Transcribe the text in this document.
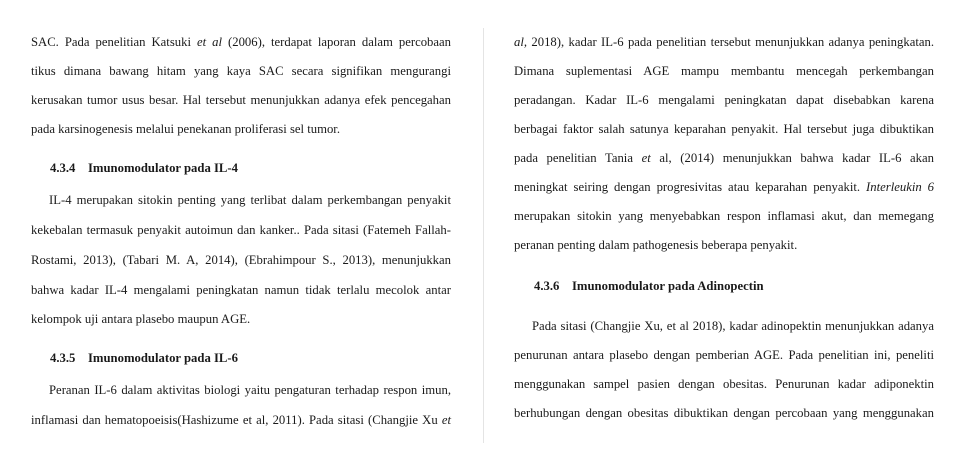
SAC. Pada penelitian Katsuki et al (2006), terdapat laporan dalam percobaan
tikus dimana bawang hitam yang kaya SAC secara signifikan mengurangi
kerusakan tumor usus besar. Hal tersebut menunjukkan adanya efek pencegahan
pada karsinogenesis melalui penekanan proliferasi sel tumor.
4.3.4 Imunomodulator pada IL-4
IL-4 merupakan sitokin penting yang terlibat dalam perkembangan penyakit
kekebalan termasuk penyakit autoimun dan kanker.. Pada sitasi (Fatemeh Fallah-
Rostami, 2013), (Tabari M. A, 2014), (Ebrahimpour S., 2013), menunjukkan
bahwa kadar IL-4 mengalami peningkatan namun tidak terlalu mecolok antar
kelompok uji antara plasebo maupun AGE.
4.3.5 Imunomodulator pada IL-6
Peranan IL-6 dalam aktivitas biologi yaitu pengaturan terhadap respon imun,
inflamasi dan hematopoeisis(Hashizume et al, 2011). Pada sitasi (Changjie Xu et
al, 2018), kadar IL-6 pada penelitian tersebut menunjukkan adanya peningkatan.
Dimana suplementasi AGE mampu membantu mencegah perkembangan
peradangan. Kadar IL-6 mengalami peningkatan dapat disebabkan karena
berbagai faktor salah satunya keparahan penyakit. Hal tersebut juga dibuktikan
pada penelitian Tania et al, (2014) menunjukkan bahwa kadar IL-6 akan
meningkat seiring dengan progresivitas atau keparahan penyakit. Interleukin 6
merupakan sitokin yang menyebabkan respon inflamasi akut, dan memegang
peranan penting dalam pathogenesis beberapa penyakit.
4.3.6 Imunomodulator pada Adinopectin
Pada sitasi (Changjie Xu, et al 2018), kadar adinopektin menunjukkan adanya
penurunan antara plasebo dengan pemberian AGE. Pada penelitian ini, peneliti
menggunakan sampel pasien dengan obesitas. Penurunan kadar adiponektin
berhubungan dengan obesitas dibuktikan dengan percobaan yang menggunakan
